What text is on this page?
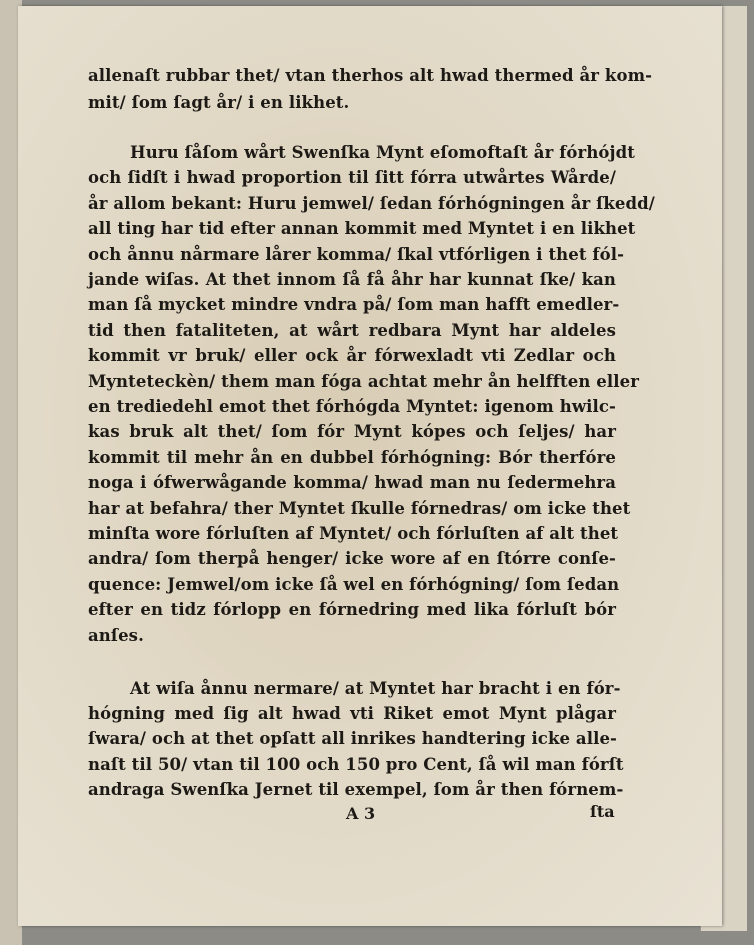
allenaſt rubbar thet/ vtan therhos alt hwad thermed år kom-
mit/ ſom ſagt år/ i en likhet.
Huru ſåſom wårt Swenſka Mynt eſomoftaſt år fórhójdt
och ſidſt i hwad proportion til ſitt fórra utwårtes Wårde/
år allom bekant: Huru jemwel/ ſedan fórhógningen år ſkedd/
all ting har tid efter annan kommit med Myntet i en likhet
och ånnu nårmare lårer komma/ ſkal vtfórligen i thet fól-
jande wiſas. At thet innom ſå få åhr har kunnat ſke/ kan
man ſå mycket mindre vndra på/ ſom man hafft emedler-
tid then fataliteten, at wårt redbara Mynt har aldeles
kommit vr bruk/ eller ock år fórwexladt vti Zedlar och
Mynteteckѐn/ them man fóga achtat mehr ån helfften eller
en trediedehl emot thet fórhógda Myntet: igenom hwilc-
kas bruk alt thet/ ſom fór Mynt kópes och ſeljes/ har
kommit til mehr ån en dubbel fórhógning: Bór therfóre
noga i ófwerwågande komma/ hwad man nu ſedermehra
har at befahra/ ther Myntet ſkulle fórnedras/ om icke thet
minſta wore fórluſten af Myntet/ och fórluſten af alt thet
andra/ ſom therpå henger/ icke wore af en ſtórre conſe-
quence: Jemwel/om icke ſå wel en fórhógning/ ſom ſedan
efter en tidz fórlopp en fórnedring med lika fórluſt bór
anſes.
At wiſa ånnu nermare/ at Myntet har bracht i en fór-
hógning med ſig alt hwad vti Riket emot Mynt plågar
ſwara/ och at thet opſatt all inrikes handtering icke alle-
naſt til 50/ vtan til 100 och 150 pro Cent, ſå wil man fórſt
andraga Swenſka Jernet til exempel, ſom år then fórnem-
A 3	ſta
